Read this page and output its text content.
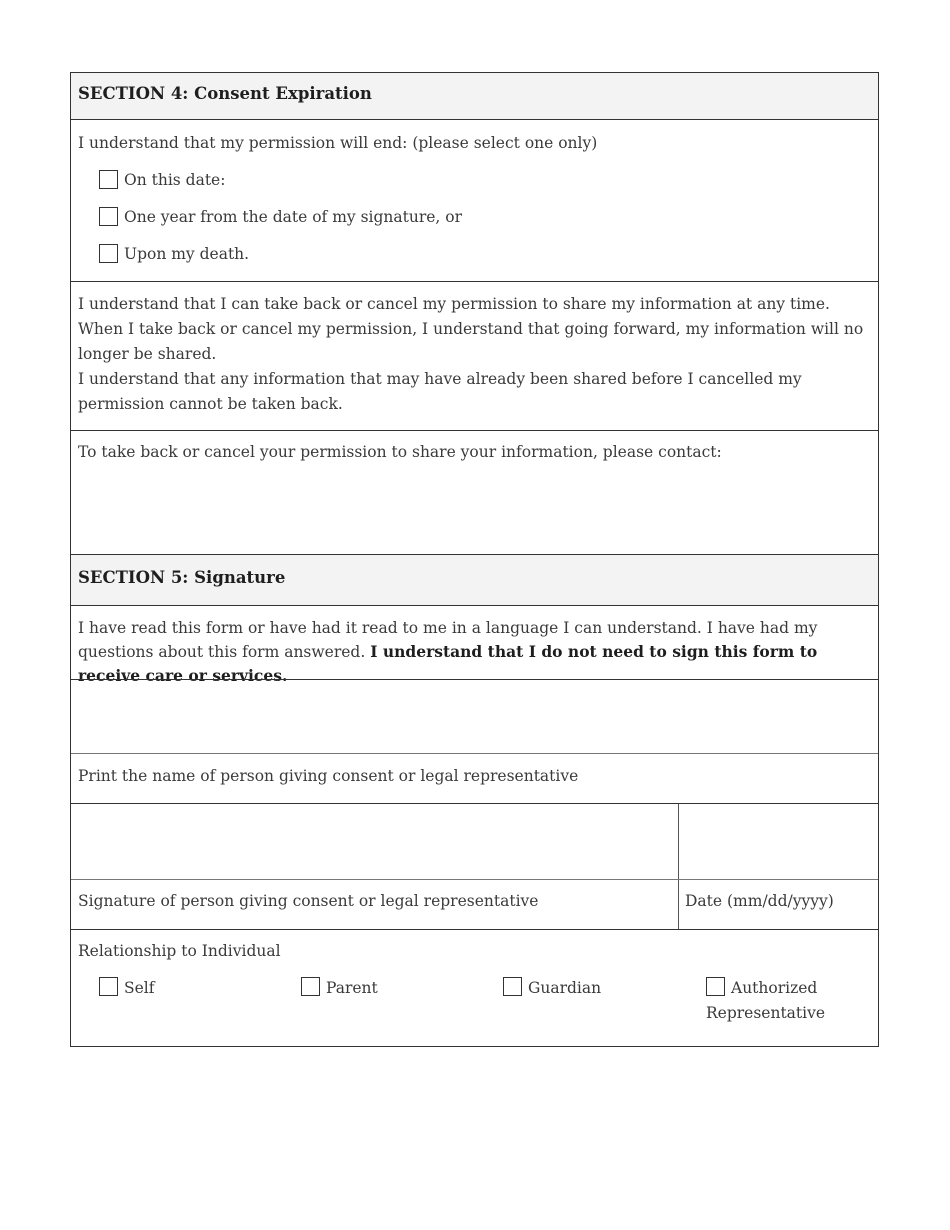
SECTION 4: Consent Expiration
I understand that my permission will end: (please select one only)
On this date:
One year from the date of my signature, or
Upon my death.
I understand that I can take back or cancel my permission to share my information at any time. When I take back or cancel my permission, I understand that going forward, my information will no longer be shared.
I understand that any information that may have already been shared before I cancelled my permission cannot be taken back.
To take back or cancel your permission to share your information, please contact:
SECTION 5: Signature
I have read this form or have had it read to me in a language I can understand. I have had my questions about this form answered. I understand that I do not need to sign this form to receive care or services.
Print the name of person giving consent or legal representative
Signature of person giving consent or legal representative	Date (mm/dd/yyyy)
Relationship to Individual
Self	Parent	Guardian	Authorized
Representative
